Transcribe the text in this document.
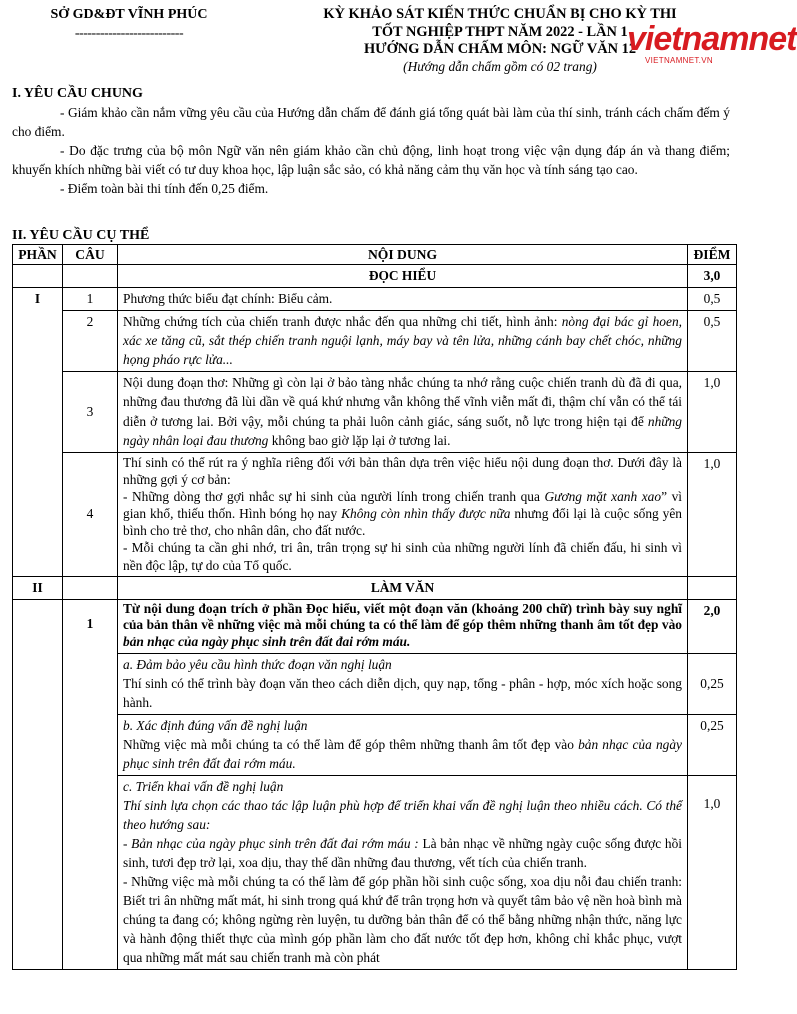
SỞ GD&ĐT VĨNH PHÚC
--------------------------
KỲ KHẢO SÁT KIẾN THỨC CHUẨN BỊ CHO KỲ THI
TỐT NGHIỆP THPT NĂM 2022 - LẦN 1
HƯỚNG DẪN CHẤM MÔN: NGỮ VĂN 12
(Hướng dẫn chấm gồm có 02 trang)
vietnamnet
VIETNAMNET.VN
I. YÊU CẦU CHUNG

- Giám khảo cần nắm vững yêu cầu của Hướng dẫn chấm để đánh giá tổng quát bài làm của thí sinh, tránh cách chấm đếm ý cho điểm.

- Do đặc trưng của bộ môn Ngữ văn nên giám khảo cần chủ động, linh hoạt trong việc vận dụng đáp án và thang điểm; khuyến khích những bài viết có tư duy khoa học, lập luận sắc sảo, có khả năng cảm thụ văn học và tính sáng tạo cao.

- Điểm toàn bài thi tính đến 0,25 điểm.

II. YÊU CẦU CỤ THỂ
PHẦN	CÂU	NỘI DUNG	ĐIỂM
		ĐỌC HIỂU	3,0
I	1	Phương thức biểu đạt chính: Biểu cảm.	0,5
	2	Những chứng tích của chiến tranh được nhắc đến qua những chi tiết, hình ảnh: nòng đại bác gỉ hoen, xác xe tăng cũ, sắt thép chiến tranh nguội lạnh, máy bay và tên lửa, những cánh bay chết chóc, những họng pháo rực lửa...	0,5
	3	Nội dung đoạn thơ: Những gì còn lại ở bảo tàng nhắc chúng ta nhớ rằng cuộc chiến tranh dù đã đi qua, những đau thương đã lùi dần về quá khứ nhưng vẫn không thể vĩnh viễn mất đi, thậm chí vẫn có thể tái diễn ở tương lai. Bởi vậy, mỗi chúng ta phải luôn cảnh giác, sáng suốt, nỗ lực trong hiện tại để những ngày nhân loại đau thương không bao giờ lặp lại ở tương lai.	1,0
	4	Thí sinh có thể rút ra ý nghĩa riêng đối với bản thân dựa trên việc hiểu nội dung đoạn thơ. Dưới đây là những gợi ý cơ bản:
- Những dòng thơ gợi nhắc sự hi sinh của người lính trong chiến tranh qua Gương mặt xanh xao” vì gian khổ, thiếu thốn. Hình bóng họ nay Không còn nhìn thấy được nữa nhưng đổi lại là cuộc sống yên bình cho trẻ thơ, cho nhân dân, cho đất nước.
- Mỗi chúng ta cần ghi nhớ, tri ân, trân trọng sự hi sinh của những người lính đã chiến đấu, hi sinh vì nền độc lập, tự do của Tổ quốc.	1,0
II		LÀM VĂN	
	1	Từ nội dung đoạn trích ở phần Đọc hiểu, viết một đoạn văn (khoảng 200 chữ) trình bày suy nghĩ của bản thân về những việc mà mỗi chúng ta có thể làm để góp thêm những thanh âm tốt đẹp vào bản nhạc của ngày phục sinh trên đất đai rớm máu.	2,0

		a. Đảm bảo yêu cầu hình thức đoạn văn nghị luận
Thí sinh có thể trình bày đoạn văn theo cách diễn dịch, quy nạp, tổng - phân - hợp, móc xích hoặc song hành.	0,25

		b. Xác định đúng vấn đề nghị luận
Những việc mà mỗi chúng ta có thể làm để góp thêm những thanh âm tốt đẹp vào bản nhạc của ngày phục sinh trên đất đai rớm máu.	0,25

		c. Triển khai vấn đề nghị luận
Thí sinh lựa chọn các thao tác lập luận phù hợp để triển khai vấn đề nghị luận theo nhiều cách. Có thể theo hướng sau:
- Bản nhạc của ngày phục sinh trên đất đai rớm máu : Là bản nhạc về những ngày cuộc sống được hồi sinh, tươi đẹp trở lại, xoa dịu, thay thế dần những đau thương, vết tích của chiến tranh.
- Những việc mà mỗi chúng ta có thể làm để góp phần hồi sinh cuộc sống, xoa dịu nỗi đau chiến tranh: Biết tri ân những mất mát, hi sinh trong quá khứ để trân trọng hơn và quyết tâm bảo vệ nền hoà bình mà chúng ta đang có; không ngừng rèn luyện, tu dưỡng bản thân để có thể bằng những nhận thức, năng lực và hành động thiết thực của mình góp phần làm cho đất nước tốt đẹp hơn, không chỉ khắc phục, vượt qua những mất mát sau chiến tranh mà còn phát	1,0
